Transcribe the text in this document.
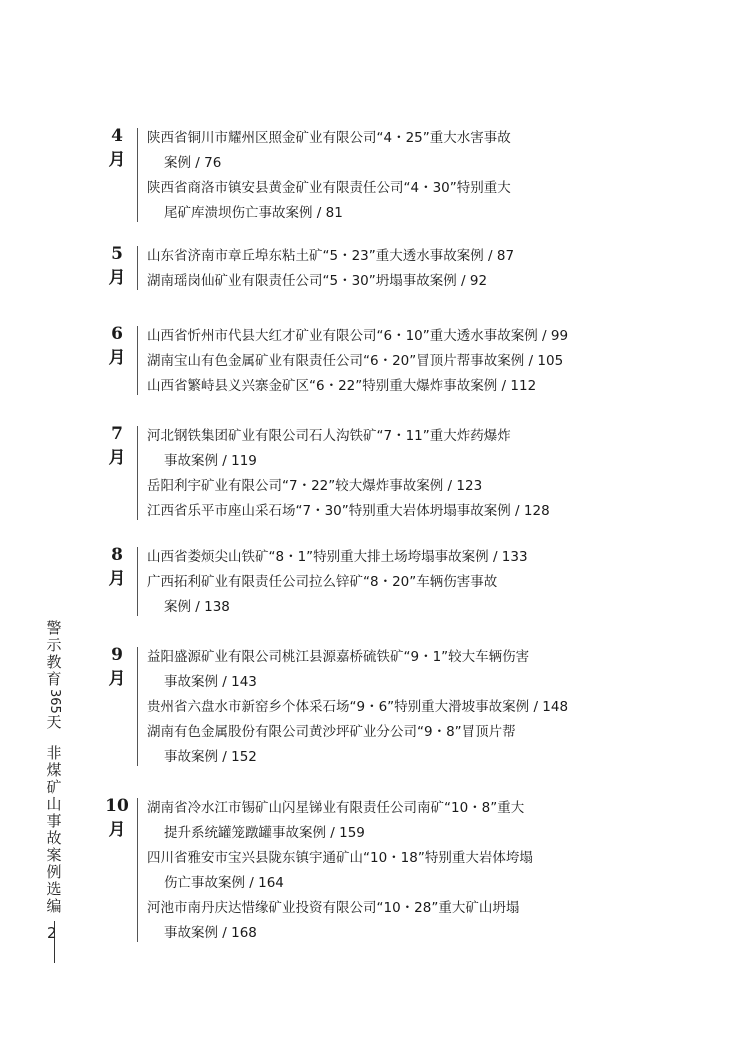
4
月
陕西省铜川市耀州区照金矿业有限公司“4・25”重大水害事故
案例 / 76
陕西省商洛市镇安县黄金矿业有限责任公司“4・30”特别重大
尾矿库溃坝伤亡事故案例 / 81
5
月
山东省济南市章丘埠东粘土矿“5・23”重大透水事故案例 / 87
湖南瑶岗仙矿业有限责任公司“5・30”坍塌事故案例 / 92
6
月
山西省忻州市代县大红才矿业有限公司“6・10”重大透水事故案例 / 99
湖南宝山有色金属矿业有限责任公司“6・20”冒顶片帮事故案例 / 105
山西省繁峙县义兴寨金矿区“6・22”特别重大爆炸事故案例 / 112
7
月
河北钢铁集团矿业有限公司石人沟铁矿“7・11”重大炸药爆炸
事故案例 / 119
岳阳利宇矿业有限公司“7・22”较大爆炸事故案例 / 123
江西省乐平市座山采石场“7・30”特别重大岩体坍塌事故案例 / 128
8
月
山西省娄烦尖山铁矿“8・1”特别重大排土场垮塌事故案例 / 133
广西拓利矿业有限责任公司拉么锌矿“8・20”车辆伤害事故
案例 / 138
9
月
益阳盛源矿业有限公司桃江县源嘉桥硫铁矿“9・1”较大车辆伤害
事故案例 / 143
贵州省六盘水市新窑乡个体采石场“9・6”特别重大滑坡事故案例 / 148
湖南有色金属股份有限公司黄沙坪矿业分公司“9・8”冒顶片帮
事故案例 / 152
10
月
湖南省冷水江市锡矿山闪星锑业有限责任公司南矿“10・8”重大
提升系统罐笼蹾罐事故案例 / 159
四川省雅安市宝兴县陇东镇宇通矿山“10・18”特别重大岩体垮塌
伤亡事故案例 / 164
河池市南丹庆达惜缘矿业投资有限公司“10・28”重大矿山坍塌
事故案例 / 168
警
示
教
育
365
天
非
煤
矿
山
事
故
案
例
选
编
2
